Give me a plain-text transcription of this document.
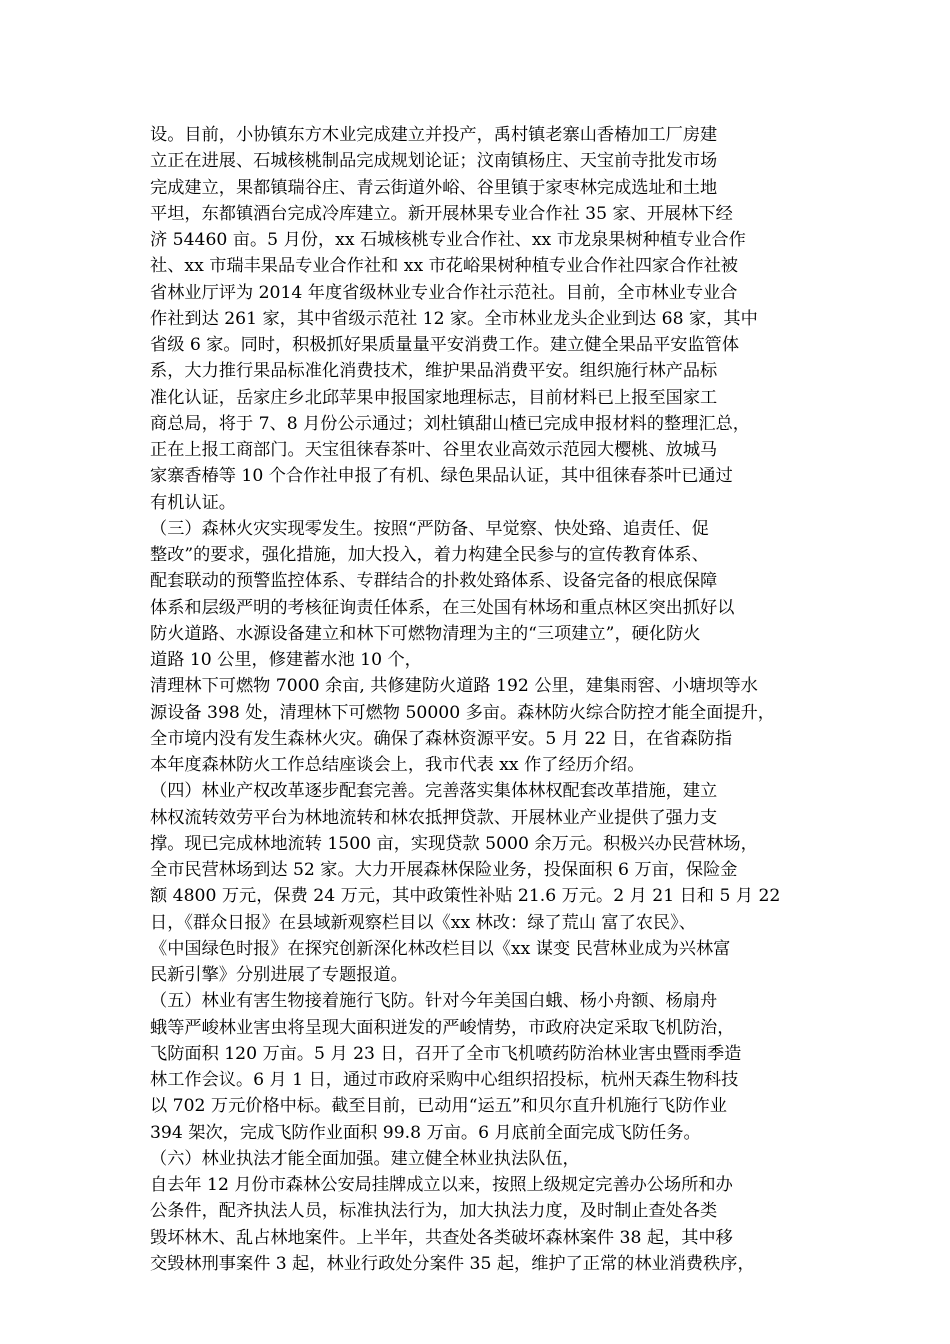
设。目前，小协镇东方木业完成建立并投产，禹村镇老寨山香椿加工厂房建
立正在进展、石城核桃制品完成规划论证；汶南镇杨庄、天宝前寺批发市场
完成建立，果都镇瑞谷庄、青云街道外峪、谷里镇于家枣林完成选址和土地
平坦，东都镇酒台完成冷库建立。新开展林果专业合作社 35 家、开展林下经
济 54460 亩。5 月份，xx 石城核桃专业合作社、xx 市龙泉果树种植专业合作
社、xx 市瑞丰果品专业合作社和 xx 市花峪果树种植专业合作社四家合作社被
省林业厅评为 2014 年度省级林业专业合作社示范社。目前，全市林业专业合
作社到达 261 家，其中省级示范社 12 家。全市林业龙头企业到达 68 家，其中
省级 6 家。同时，积极抓好果质量量平安消费工作。建立健全果品平安监管体
系，大力推行果品标准化消费技术，维护果品消费平安。组织施行林产品标
准化认证，岳家庄乡北邱苹果申报国家地理标志，目前材料已上报至国家工
商总局，将于 7、8 月份公示通过；刘杜镇甜山楂已完成申报材料的整理汇总，
正在上报工商部门。天宝徂徕春茶叶、谷里农业高效示范园大樱桃、放城马
家寨香椿等 10 个合作社申报了有机、绿色果品认证，其中徂徕春茶叶已通过
有机认证。
（三）森林火灾实现零发生。按照“严防备、早觉察、快处臵、追责任、促
整改”的要求，强化措施，加大投入，着力构建全民参与的宣传教育体系、
配套联动的预警监控体系、专群结合的扑救处臵体系、设备完备的根底保障
体系和层级严明的考核征询责任体系，在三处国有林场和重点林区突出抓好以
防火道路、水源设备建立和林下可燃物清理为主的“三项建立”，硬化防火
道路 10 公里，修建蓄水池 10 个，
清理林下可燃物 7000 余亩, 共修建防火道路 192 公里，建集雨窖、小塘坝等水
源设备 398 处，清理林下可燃物 50000 多亩。森林防火综合防控才能全面提升，
全市境内没有发生森林火灾。确保了森林资源平安。5 月 22 日，在省森防指
本年度森林防火工作总结座谈会上，我市代表 xx 作了经历介绍。
（四）林业产权改革逐步配套完善。完善落实集体林权配套改革措施，建立
林权流转效劳平台为林地流转和林农抵押贷款、开展林业产业提供了强力支
撑。现已完成林地流转 1500 亩，实现贷款 5000 余万元。积极兴办民营林场，
全市民营林场到达 52 家。大力开展森林保险业务，投保面积 6 万亩，保险金
额 4800 万元，保费 24 万元，其中政策性补贴 21.6 万元。2 月 21 日和 5 月 22
日，《群众日报》在县域新观察栏目以《xx 林改：绿了荒山 富了农民》、
《中国绿色时报》在探究创新深化林改栏目以《xx 谋变 民营林业成为兴林富
民新引擎》分别进展了专题报道。
（五）林业有害生物接着施行飞防。针对今年美国白蛾、杨小舟额、杨扇舟
蛾等严峻林业害虫将呈现大面积迸发的严峻情势，市政府决定采取飞机防治，
飞防面积 120 万亩。5 月 23 日，召开了全市飞机喷药防治林业害虫暨雨季造
林工作会议。6 月 1 日，通过市政府采购中心组织招投标，杭州天森生物科技
以 702 万元价格中标。截至目前，已动用“运五”和贝尔直升机施行飞防作业
394 架次，完成飞防作业面积 99.8 万亩。6 月底前全面完成飞防任务。
（六）林业执法才能全面加强。建立健全林业执法队伍，
自去年 12 月份市森林公安局挂牌成立以来，按照上级规定完善办公场所和办
公条件，配齐执法人员，标准执法行为，加大执法力度，及时制止查处各类
毁坏林木、乱占林地案件。上半年，共查处各类破坏森林案件 38 起，其中移
交毁林刑事案件 3 起，林业行政处分案件 35 起，维护了正常的林业消费秩序，
